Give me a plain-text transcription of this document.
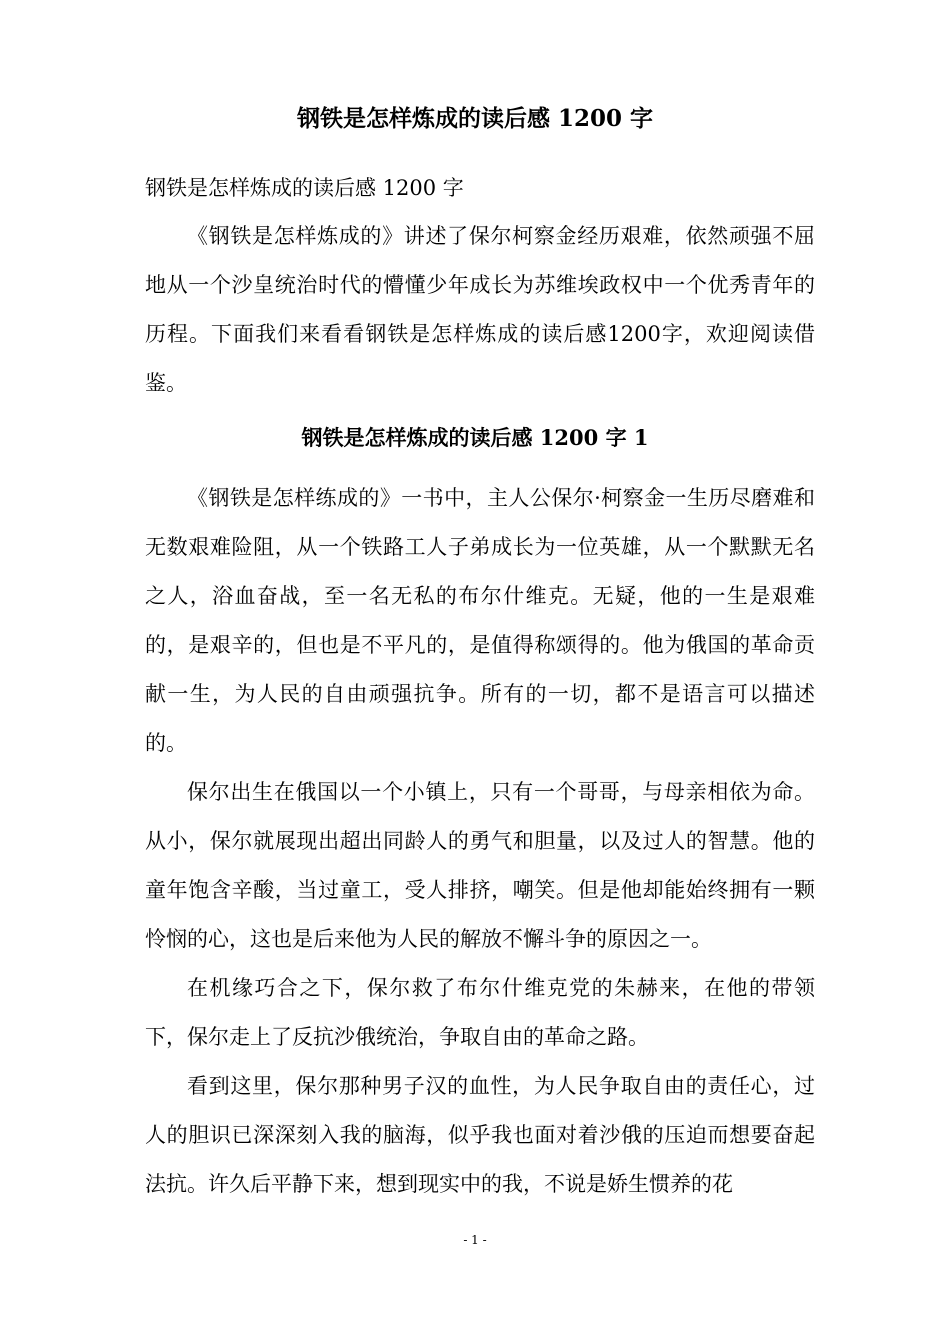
钢铁是怎样炼成的读后感 1200 字
钢铁是怎样炼成的读后感 1200 字

《钢铁是怎样炼成的》讲述了保尔柯察金经历艰难，依然顽强不屈地从一个沙皇统治时代的懵懂少年成长为苏维埃政权中一个优秀青年的历程。下面我们来看看钢铁是怎样炼成的读后感1200字，欢迎阅读借鉴。

钢铁是怎样炼成的读后感 1200 字 1

《钢铁是怎样练成的》一书中，主人公保尔·柯察金一生历尽磨难和无数艰难险阻，从一个铁路工人子弟成长为一位英雄，从一个默默无名之人，浴血奋战，至一名无私的布尔什维克。无疑，他的一生是艰难的，是艰辛的，但也是不平凡的，是值得称颂得的。他为俄国的革命贡献一生，为人民的自由顽强抗争。所有的一切，都不是语言可以描述的。

保尔出生在俄国以一个小镇上，只有一个哥哥，与母亲相依为命。从小，保尔就展现出超出同龄人的勇气和胆量，以及过人的智慧。他的童年饱含辛酸，当过童工，受人排挤，嘲笑。但是他却能始终拥有一颗怜悯的心，这也是后来他为人民的解放不懈斗争的原因之一。

在机缘巧合之下，保尔救了布尔什维克党的朱赫来，在他的带领下，保尔走上了反抗沙俄统治，争取自由的革命之路。

看到这里，保尔那种男子汉的血性，为人民争取自由的责任心，过人的胆识已深深刻入我的脑海，似乎我也面对着沙俄的压迫而想要奋起法抗。许久后平静下来，想到现实中的我，不说是娇生惯养的花

- 1 -
